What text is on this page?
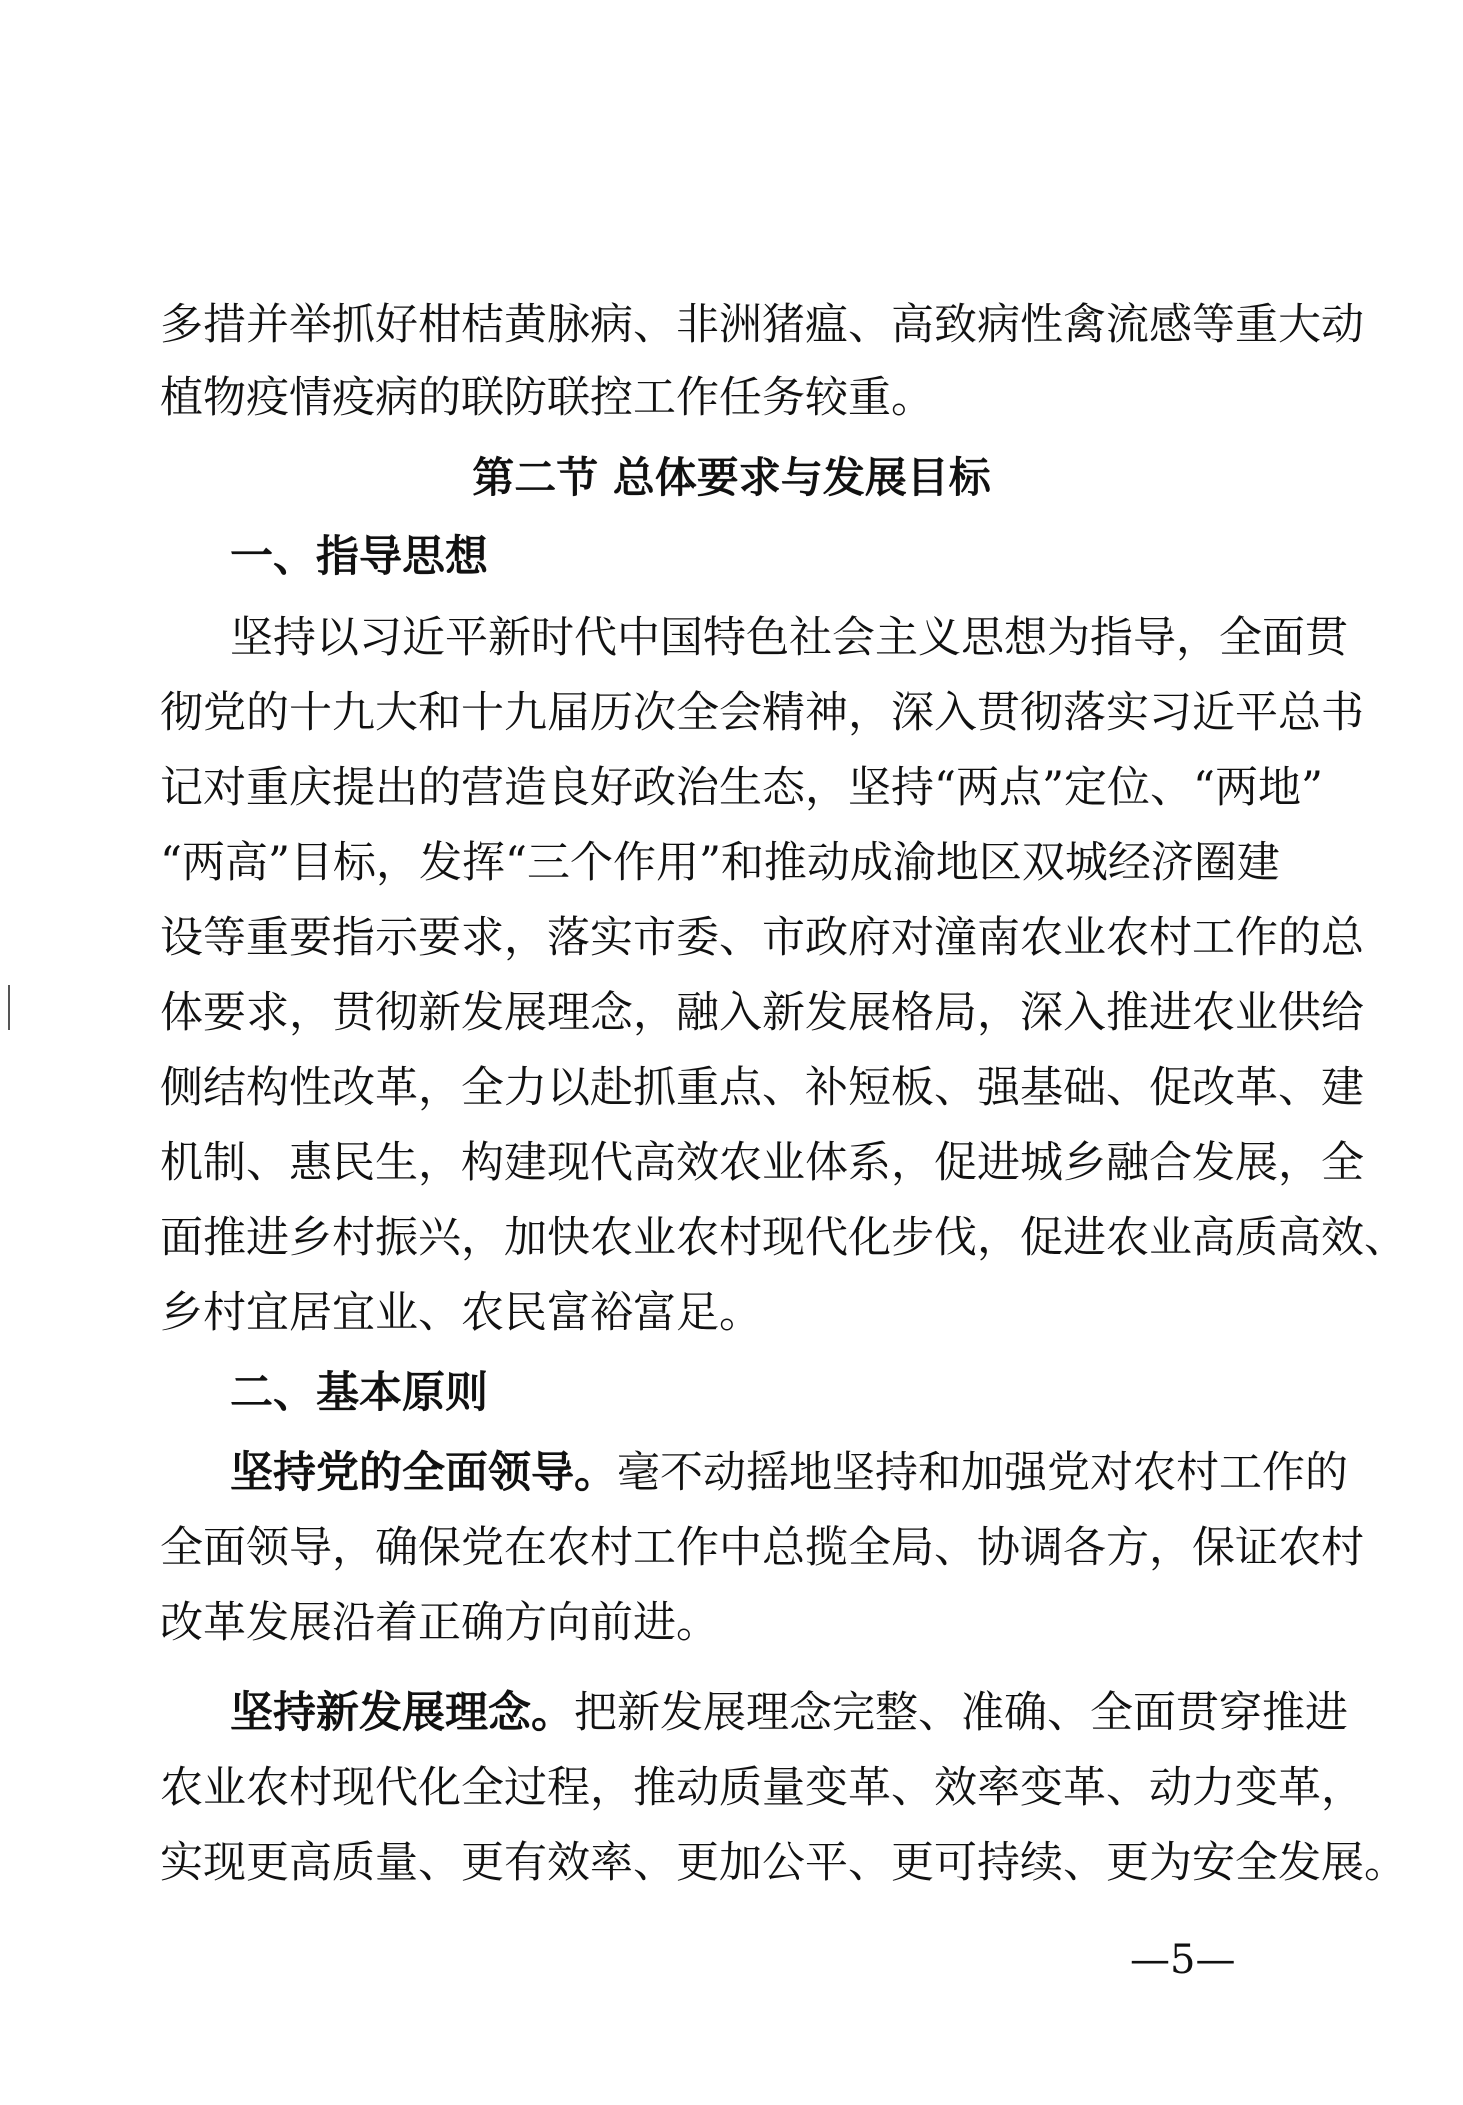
多措并举抓好柑桔黄脉病、非洲猪瘟、高致病性禽流感等重大动
植物疫情疫病的联防联控工作任务较重。
第二节 总体要求与发展目标
一、指导思想
坚持以习近平新时代中国特色社会主义思想为指导，全面贯
彻党的十九大和十九届历次全会精神，深入贯彻落实习近平总书
记对重庆提出的营造良好政治生态，坚持“两点”定位、“两地”
“两高”目标，发挥“三个作用”和推动成渝地区双城经济圈建
设等重要指示要求，落实市委、市政府对潼南农业农村工作的总
体要求，贯彻新发展理念，融入新发展格局，深入推进农业供给
侧结构性改革，全力以赴抓重点、补短板、强基础、促改革、建
机制、惠民生，构建现代高效农业体系，促进城乡融合发展，全
面推进乡村振兴，加快农业农村现代化步伐，促进农业高质高效、
乡村宜居宜业、农民富裕富足。
二、基本原则
坚持党的全面领导。毫不动摇地坚持和加强党对农村工作的
全面领导，确保党在农村工作中总揽全局、协调各方，保证农村
改革发展沿着正确方向前进。
坚持新发展理念。把新发展理念完整、准确、全面贯穿推进
农业农村现代化全过程，推动质量变革、效率变革、动力变革，
实现更高质量、更有效率、更加公平、更可持续、更为安全发展。
—5—
